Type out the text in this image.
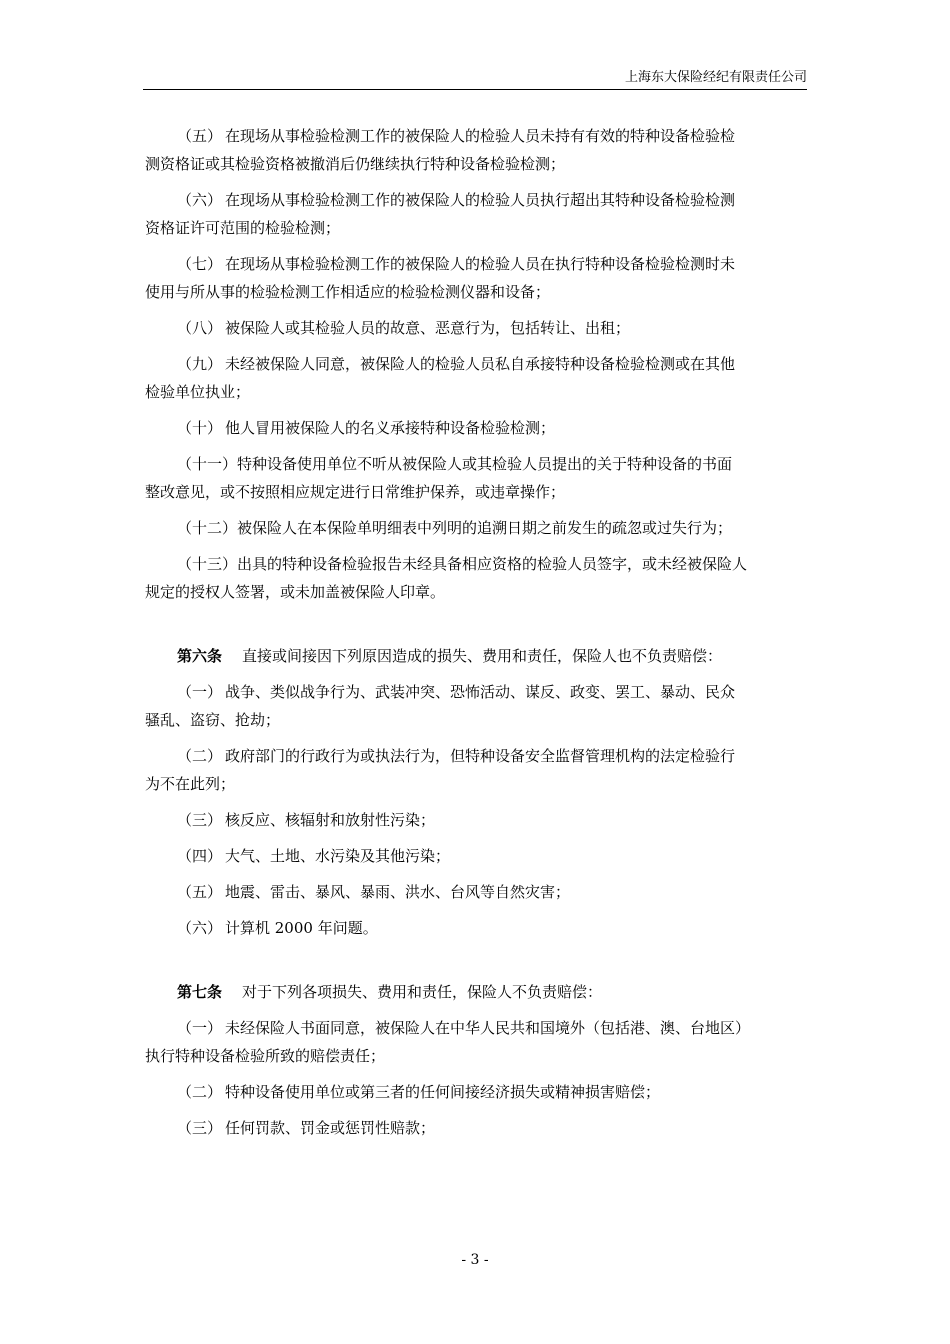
上海东大保险经纪有限责任公司

（五） 在现场从事检验检测工作的被保险人的检验人员未持有有效的特种设备检验检

测资格证或其检验资格被撤消后仍继续执行特种设备检验检测；

（六） 在现场从事检验检测工作的被保险人的检验人员执行超出其特种设备检验检测

资格证许可范围的检验检测；

（七） 在现场从事检验检测工作的被保险人的检验人员在执行特种设备检验检测时未

使用与所从事的检验检测工作相适应的检验检测仪器和设备；

（八） 被保险人或其检验人员的故意、恶意行为，包括转让、出租；

（九） 未经被保险人同意，被保险人的检验人员私自承接特种设备检验检测或在其他

检验单位执业；

（十） 他人冒用被保险人的名义承接特种设备检验检测；

（十一）特种设备使用单位不听从被保险人或其检验人员提出的关于特种设备的书面

整改意见，或不按照相应规定进行日常维护保养，或违章操作；

（十二）被保险人在本保险单明细表中列明的追溯日期之前发生的疏忽或过失行为；

（十三）出具的特种设备检验报告未经具备相应资格的检验人员签字，或未经被保险人

规定的授权人签署，或未加盖被保险人印章。

第六条 直接或间接因下列原因造成的损失、费用和责任，保险人也不负责赔偿：

（一） 战争、类似战争行为、武装冲突、恐怖活动、谋反、政变、罢工、暴动、民众

骚乱、盗窃、抢劫；

（二） 政府部门的行政行为或执法行为，但特种设备安全监督管理机构的法定检验行

为不在此列；

（三） 核反应、核辐射和放射性污染；

（四） 大气、土地、水污染及其他污染；

（五） 地震、雷击、暴风、暴雨、洪水、台风等自然灾害；

（六） 计算机 2000 年问题。

第七条 对于下列各项损失、费用和责任，保险人不负责赔偿：

（一） 未经保险人书面同意，被保险人在中华人民共和国境外（包括港、澳、台地区）

执行特种设备检验所致的赔偿责任；

（二） 特种设备使用单位或第三者的任何间接经济损失或精神损害赔偿；

（三） 任何罚款、罚金或惩罚性赔款；

- 3 -
